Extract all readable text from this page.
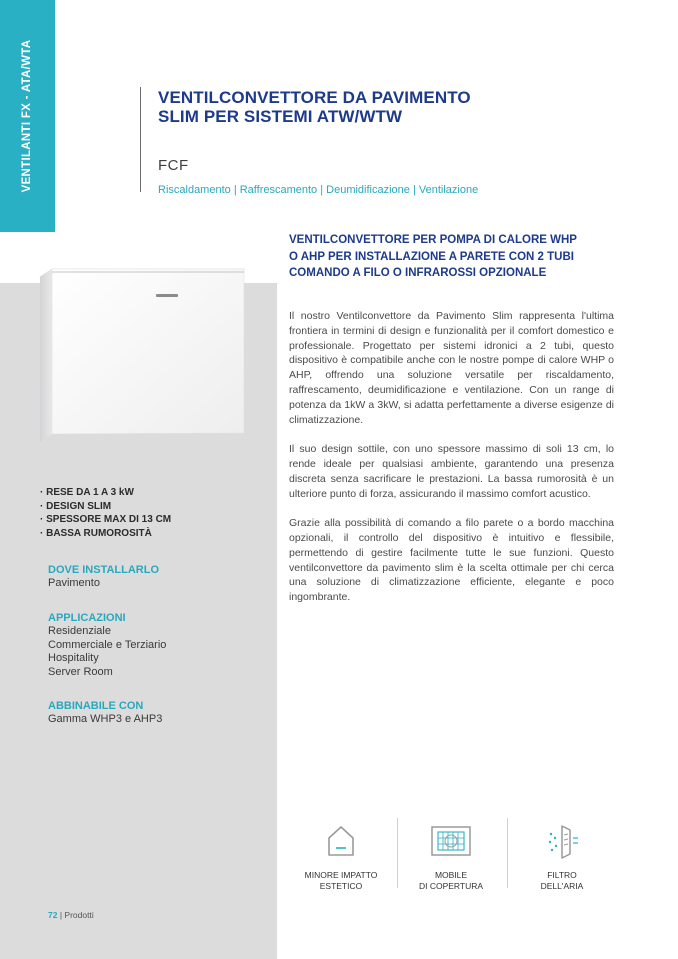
VENTILANTI FX - ATA/WTA	VENTILCONVETTORE DA PAVIMENTO
SLIM PER SISTEMI ATW/WTW
FCF
Riscaldamento | Raffrescamento | Deumidificazione | Ventilazione
VENTILCONVETTORE PER POMPA DI CALORE WHP
O AHP PER INSTALLAZIONE A PARETE CON 2 TUBI
COMANDO A FILO O INFRAROSSI OPZIONALE

Il nostro Ventilconvettore da Pavimento Slim rappresenta l'ultima frontiera in termini di design e funzionalità per il comfort domestico e professionale. Progettato per sistemi idronici a 2 tubi, questo dispositivo è compatibile anche con le nostre pompe di calore WHP o AHP, offrendo una soluzione versatile per riscaldamento, raffrescamento, deumidificazione e ventilazione. Con un range di potenza da 1kW a 3kW, si adatta perfettamente a diverse esigenze di climatizzazione.

Il suo design sottile, con uno spessore massimo di soli 13 cm, lo rende ideale per qualsiasi ambiente, garantendo una presenza discreta senza sacrificare le prestazioni. La bassa rumorosità è un ulteriore punto di forza, assicurando il massimo comfort acustico.

Grazie alla possibilità di comando a filo parete o a bordo macchina opzionali, il controllo del dispositivo è intuitivo e flessibile, permettendo di gestire facilmente tutte le sue funzioni. Questo ventilconvettore da pavimento slim è la scelta ottimale per chi cerca una soluzione di climatizzazione efficiente, elegante e poco ingombrante.

· RESE DA 1 A 3 kW
· DESIGN SLIM
· SPESSORE MAX DI 13 CM
· BASSA RUMOROSITÀ
DOVE INSTALLARLO
Pavimento
APPLICAZIONI
Residenziale
Commerciale e Terziario
Hospitality
Server Room
ABBINABILE CON
Gamma WHP3 e AHP3
MINORE IMPATTO
ESTETICO
MOBILE
DI COPERTURA
FILTRO
DELL'ARIA
72 | Prodotti
